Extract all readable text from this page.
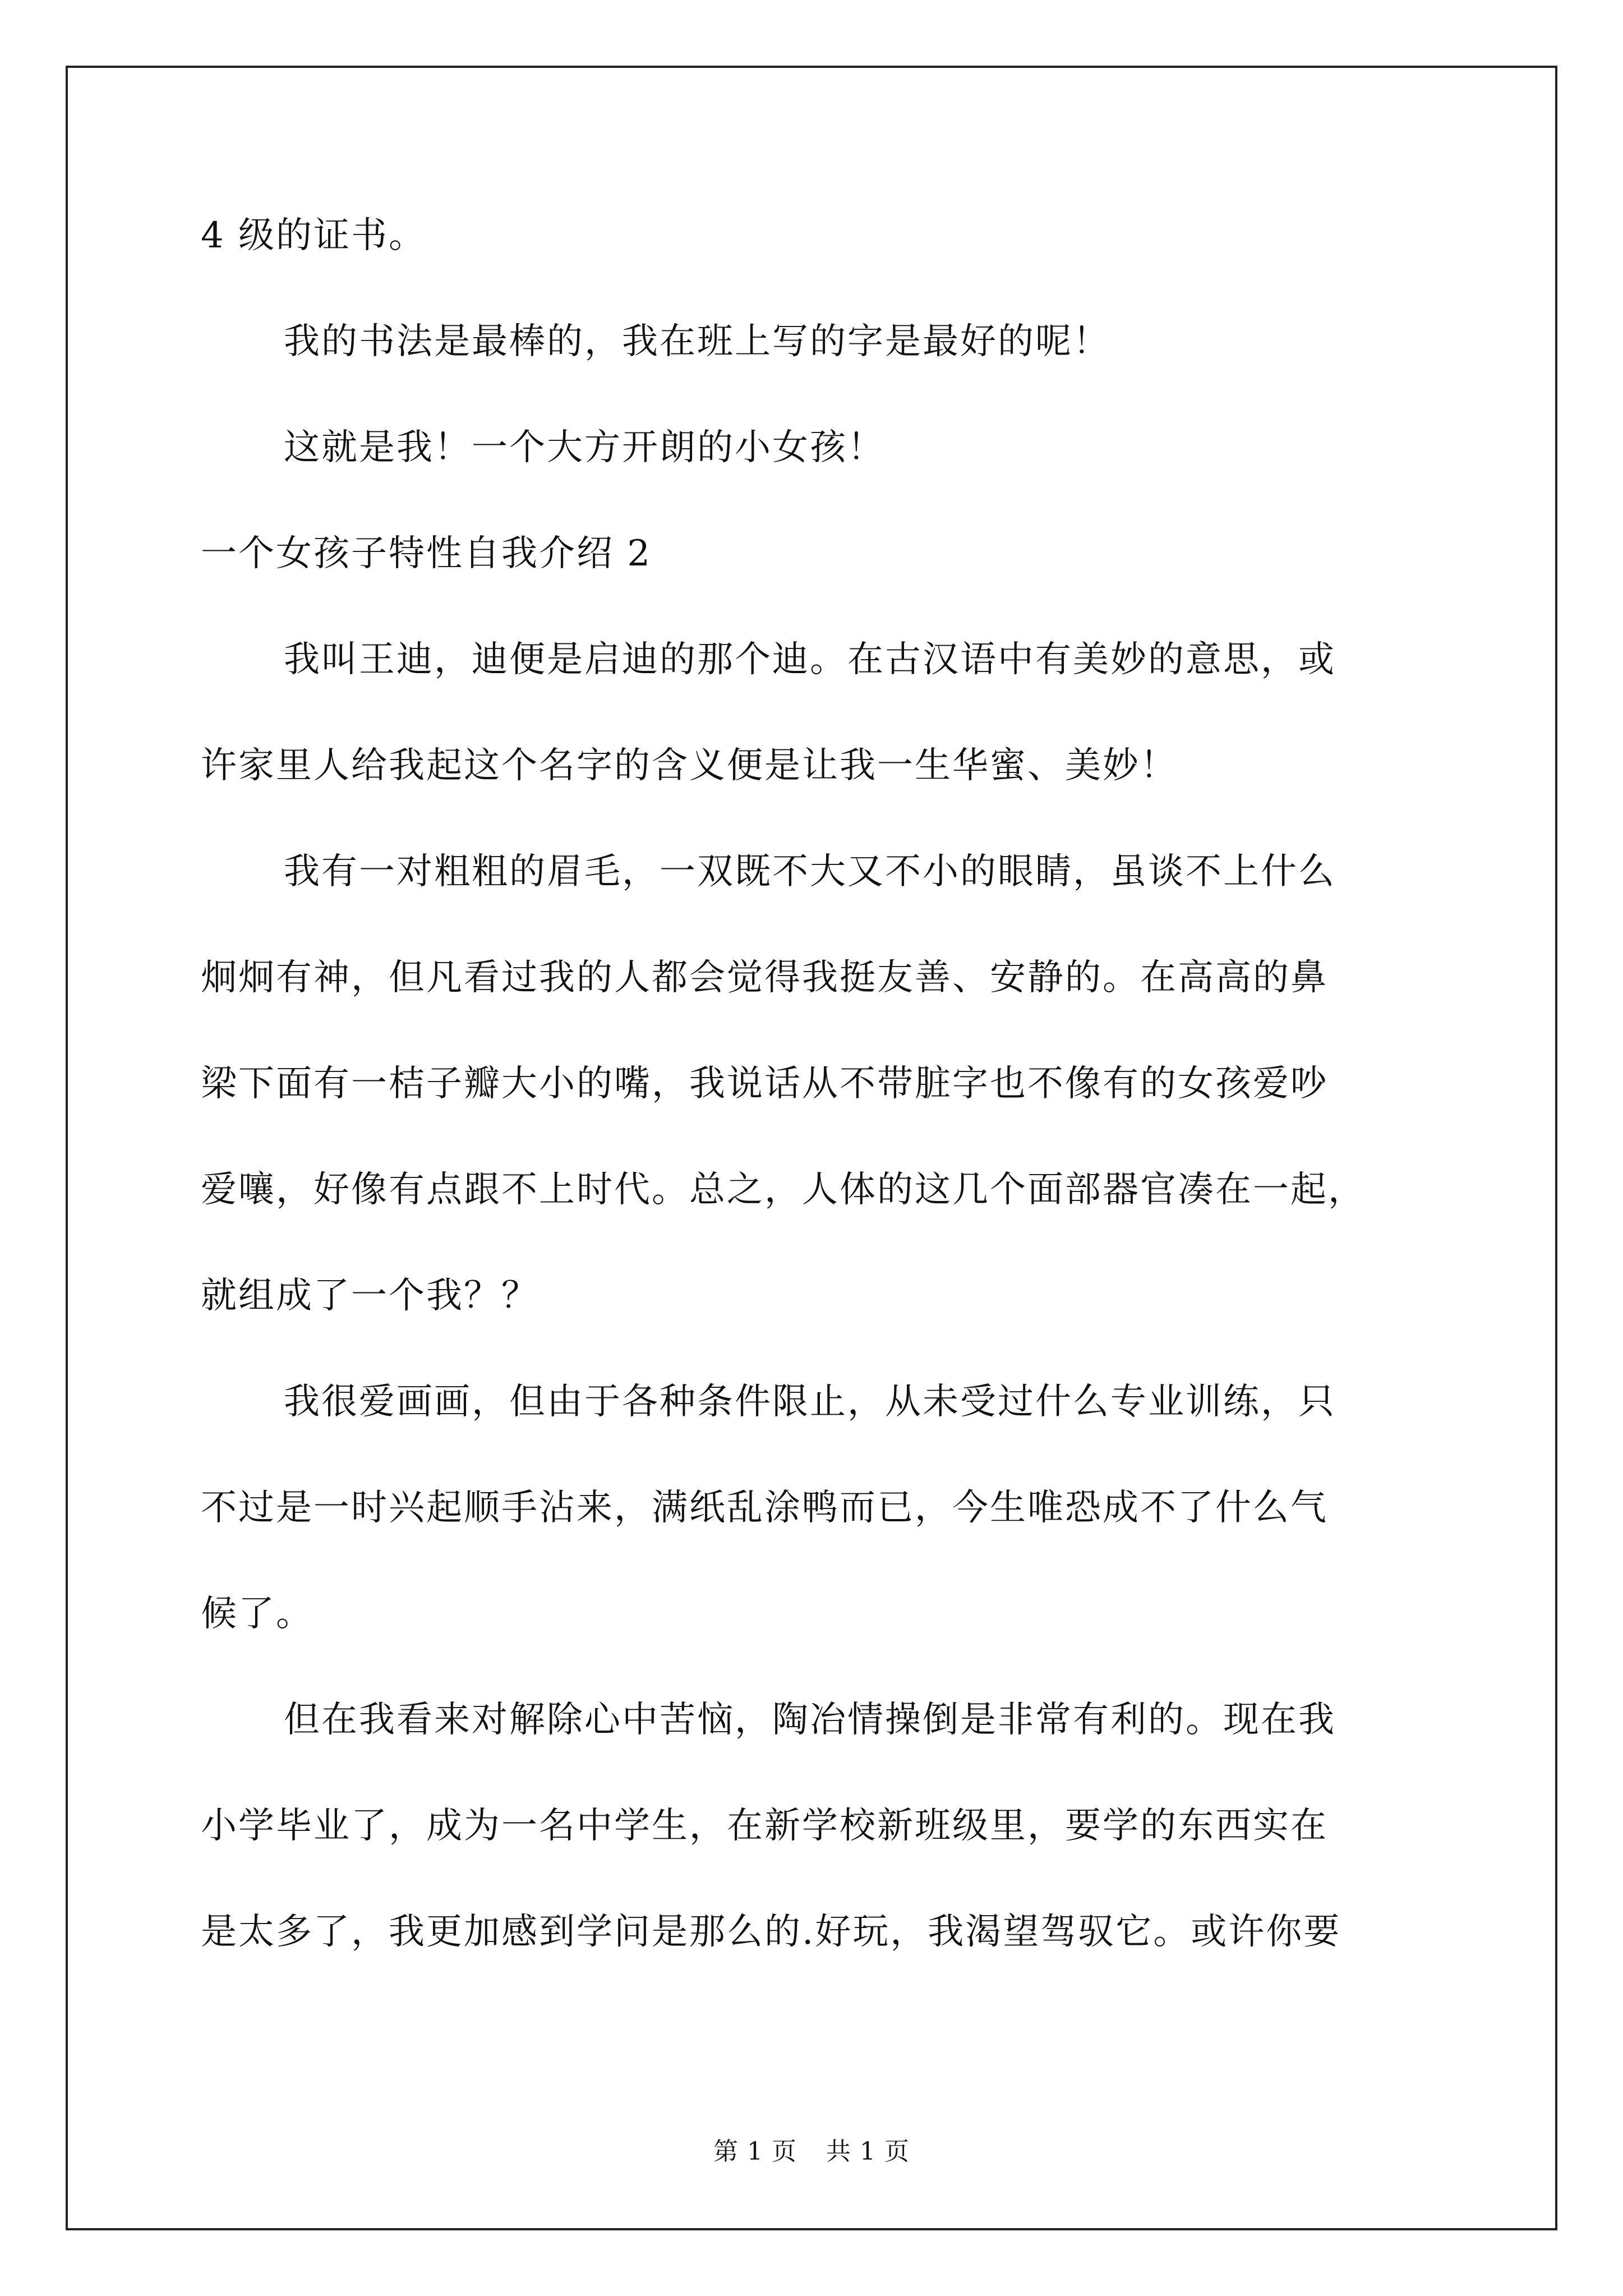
4 级的证书。
我的书法是最棒的，我在班上写的字是最好的呢！
这就是我！一个大方开朗的小女孩！
一个女孩子特性自我介绍 2
我叫王迪，迪便是启迪的那个迪。在古汉语中有美妙的意思，或
许家里人给我起这个名字的含义便是让我一生华蜜、美妙！
我有一对粗粗的眉毛，一双既不大又不小的眼睛，虽谈不上什么
炯炯有神，但凡看过我的人都会觉得我挺友善、安静的。在高高的鼻
梁下面有一桔子瓣大小的嘴，我说话从不带脏字也不像有的女孩爱吵
爱嚷，好像有点跟不上时代。总之，人体的这几个面部器官凑在一起，
就组成了一个我？？
我很爱画画，但由于各种条件限止，从未受过什么专业训练，只
不过是一时兴起顺手沾来，满纸乱涂鸭而已，今生唯恐成不了什么气
候了。
但在我看来对解除心中苦恼，陶冶情操倒是非常有利的。现在我
小学毕业了，成为一名中学生，在新学校新班级里，要学的东西实在
是太多了，我更加感到学问是那么的.好玩，我渴望驾驭它。或许你要
第 1 页 共 1 页
